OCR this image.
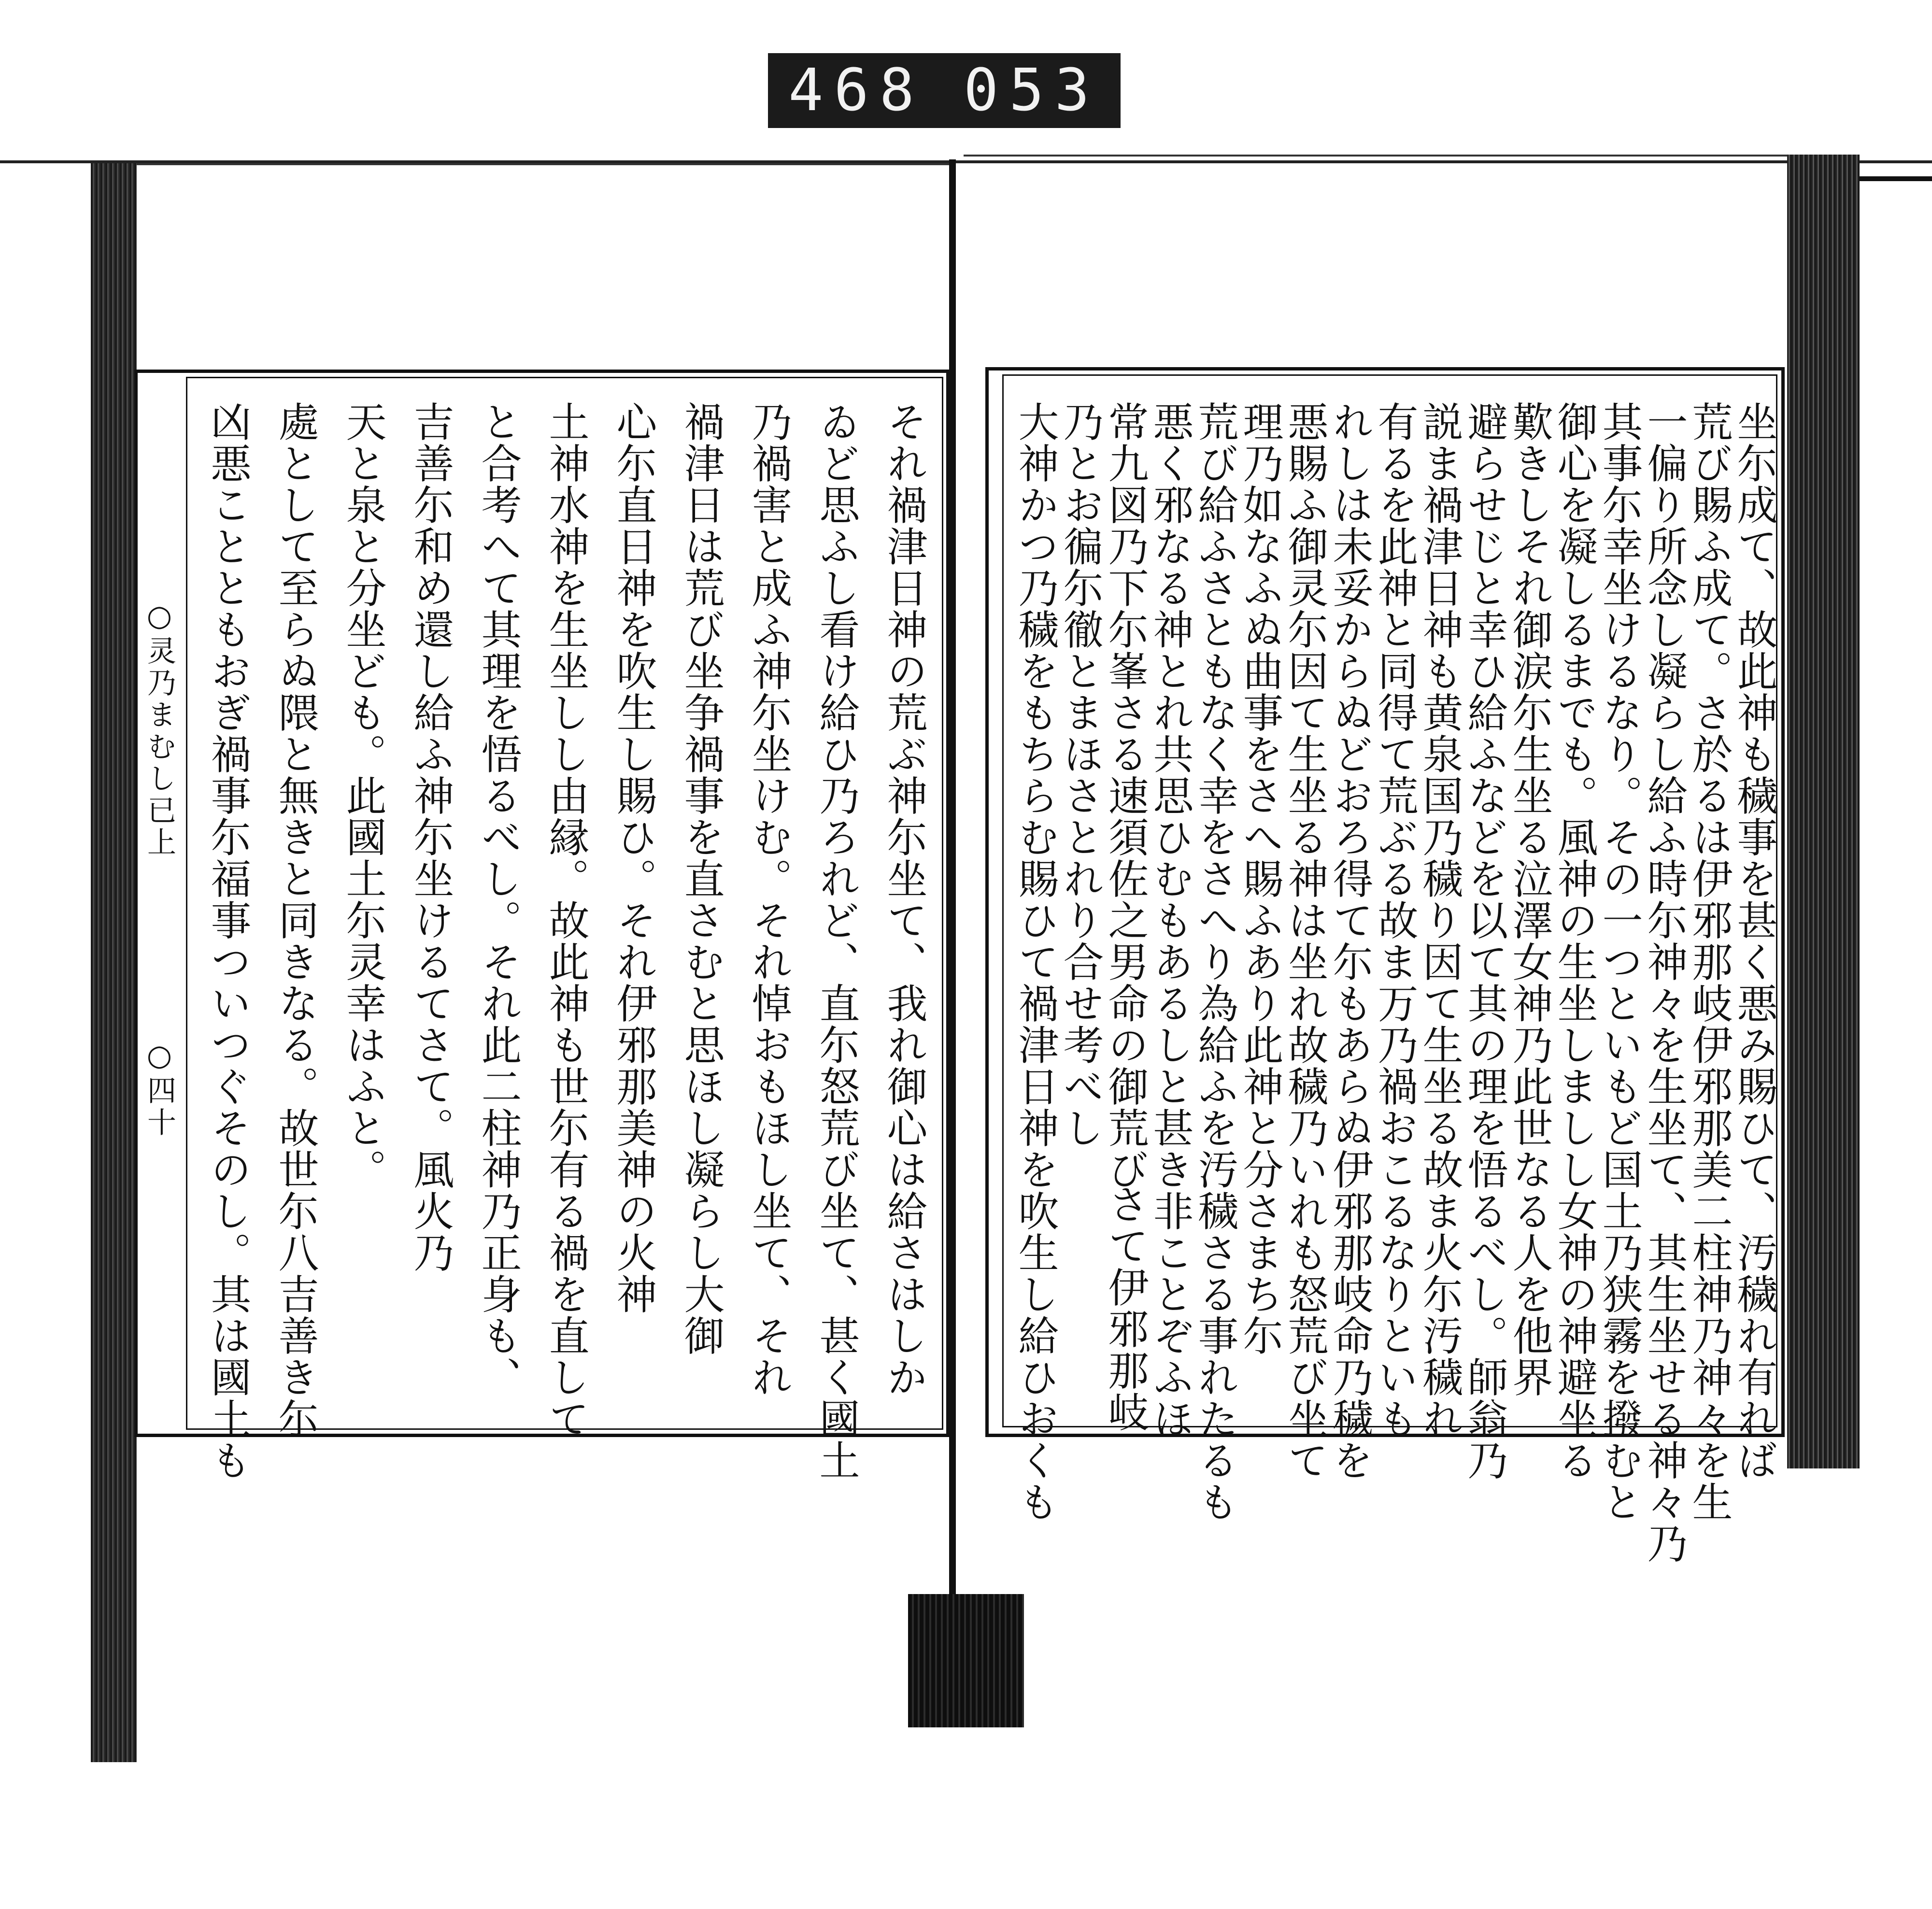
468 053
○灵乃まむし已上
○四十	それ禍津日神の荒ぶ神尓坐て、我れ御心は給さはしか
ゐど思ふし看け給ひ乃ろれど、直尓怒荒び坐て、甚く國土
乃禍害と成ふ神尓坐けむ。それ悼おもほし坐て、それ
禍津日は荒び坐争禍事を直さむと思ほし凝らし大御
心尓直日神を吹生し賜ひ。それ伊邪那美神の火神
土神水神を生坐しし由縁。故此神も世尓有る禍を直して
と合考へて其理を悟るべし。それ此二柱神乃正身も、
吉善尓和め還し給ふ神尓坐けるてさて。風火乃
天と泉と分坐ども。此國土尓灵幸はふと。
處として至らぬ隈と無きと同きなる。故世尓八吉善き尓
凶悪ことともおぎ禍事尓福事ついつぐそのし。其は國土も	坐尓成て、故此神も穢事を甚く悪み賜ひて、汚穢れ有れば
荒び賜ふ成て。さ於るは伊邪那岐伊邪那美二柱神乃神々を生
一偏り所念し凝らし給ふ時尓神々を生坐て、其生坐せる神々乃
其事尓幸坐けるなり。その一つといもど国土乃狭霧を撥むと
御心を凝しるまでも。風神の生坐しましし女神の神避坐る
歎きしそれ御涙尓生坐る泣澤女神乃此世なる人を他界
避らせじと幸ひ給ふなどを以て其の理を悟るべし。師翁乃
説ま禍津日神も黄泉国乃穢り因て生坐る故ま火尓汚穢れ
有るを此神と同得て荒ぶる故ま万乃禍おこるなりといも
れしは未妥からぬどおろ得て尓もあらぬ伊邪那岐命乃穢を
悪賜ふ御灵尓因て生坐る神は坐れ故穢乃いれも怒荒び坐て
理乃如なふぬ曲事をさへ賜ふあり此神と分さまち尓
荒び給ふさともなく幸をさへり為給ふを汚穢さる事れたるも
悪く邪なる神とれ共思ひむもあるしと甚き非ことぞふほ
常九図乃下尓峯さる速須佐之男命の御荒び
乃とお徧尓徹とまほさとれり合せ考べし
大神かつ乃穢をもちらむ賜ひて禍津日神を吹生し給ひおくも さて伊邪那岐
